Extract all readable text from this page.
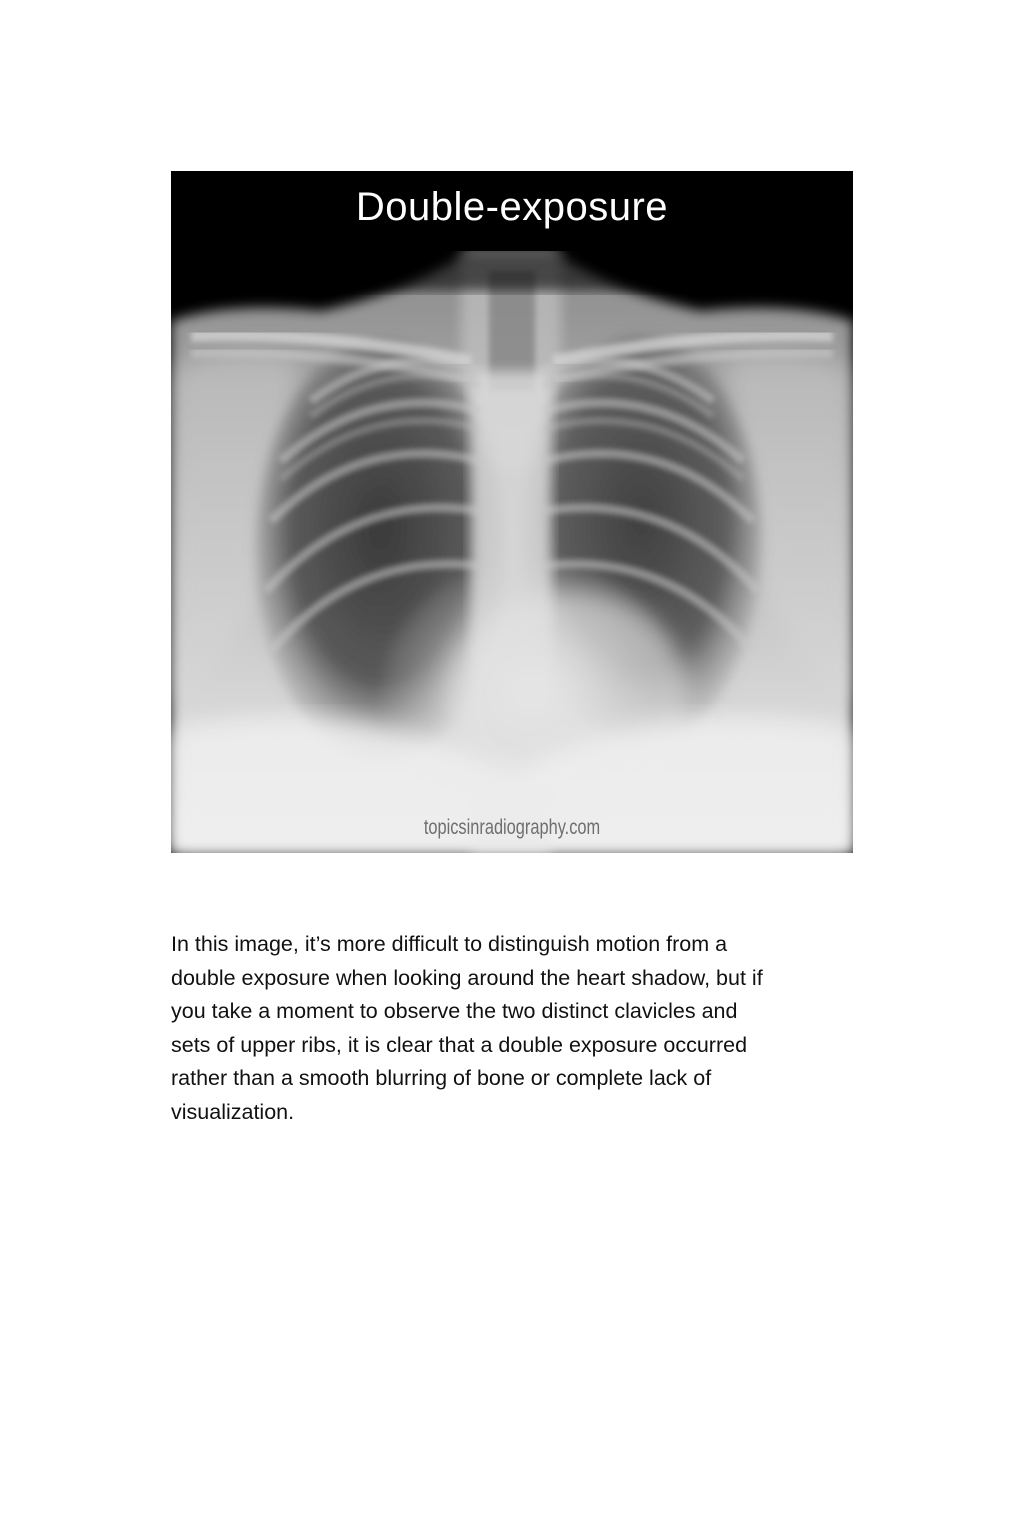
Double-exposure
topicsinradiography.com

In this image, it’s more difficult to distinguish motion from a
double exposure when looking around the heart shadow, but if
you take a moment to observe the two distinct clavicles and
sets of upper ribs, it is clear that a double exposure occurred
rather than a smooth blurring of bone or complete lack of
visualization.
